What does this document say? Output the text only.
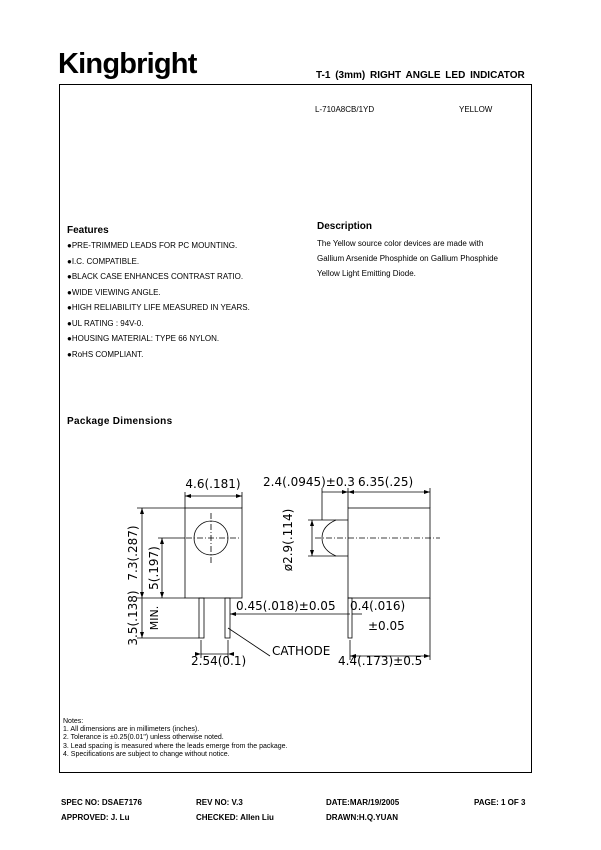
Kingbright	T-1 (3mm) RIGHT ANGLE LED INDICATOR
L-710A8CB/1YD	YELLOW
Features
●PRE-TRIMMED LEADS FOR PC MOUNTING.
●I.C. COMPATIBLE.
●BLACK CASE ENHANCES CONTRAST RATIO.
●WIDE VIEWING ANGLE.
●HIGH RELIABILITY LIFE MEASURED IN YEARS.
●UL RATING : 94V-0.
●HOUSING MATERIAL: TYPE 66 NYLON.
●RoHS COMPLIANT.
Description
The Yellow source color devices are made with
Gallium Arsenide Phosphide on Gallium Phosphide
Yellow Light Emitting Diode.
Package Dimensions
4.6(.181)
7.3(.287) 5(.197)
3.5(.138) MIN.	0.45(.018)±0.05
2.54(0.1)
CATHODE
2.4(.0945)±0.3 6.35(.25)
ø2.9(.114)
0.4(.016)
±0.05
4.4(.173)±0.5
Notes:
1. All dimensions are in millimeters (inches).
2. Tolerance is ±0.25(0.01") unless otherwise noted.
3. Lead spacing is measured where the leads emerge from the package.
4. Specifications are subject to change without notice.
SPEC NO: DSAE7176	REV NO: V.3	DATE:MAR/19/2005	PAGE: 1 OF 3
APPROVED: J. Lu	CHECKED: Allen Liu	DRAWN:H.Q.YUAN
